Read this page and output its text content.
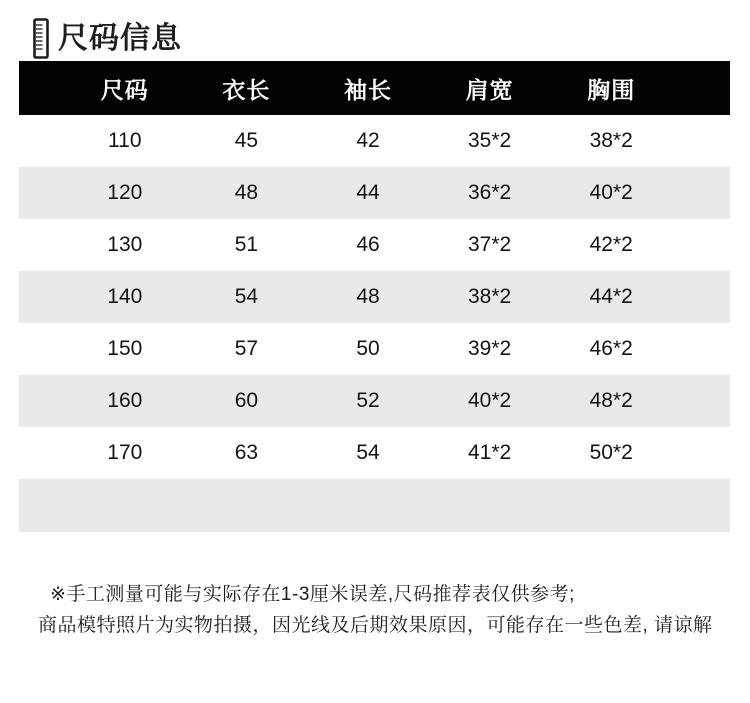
尺码信息
尺码	衣长	袖长	肩宽	胸围
110	45	42	35*2	38*2
120	48	44	36*2	40*2
130	51	46	37*2	42*2
140	54	48	38*2	44*2
150	57	50	39*2	46*2
160	60	52	40*2	48*2
170	63	54	41*2	50*2
※手工测量可能与实际存在1-3厘米误差,尺码推荐表仅供参考;
商品模特照片为实物拍摄，因光线及后期效果原因，可能存在一些色差, 请谅解
